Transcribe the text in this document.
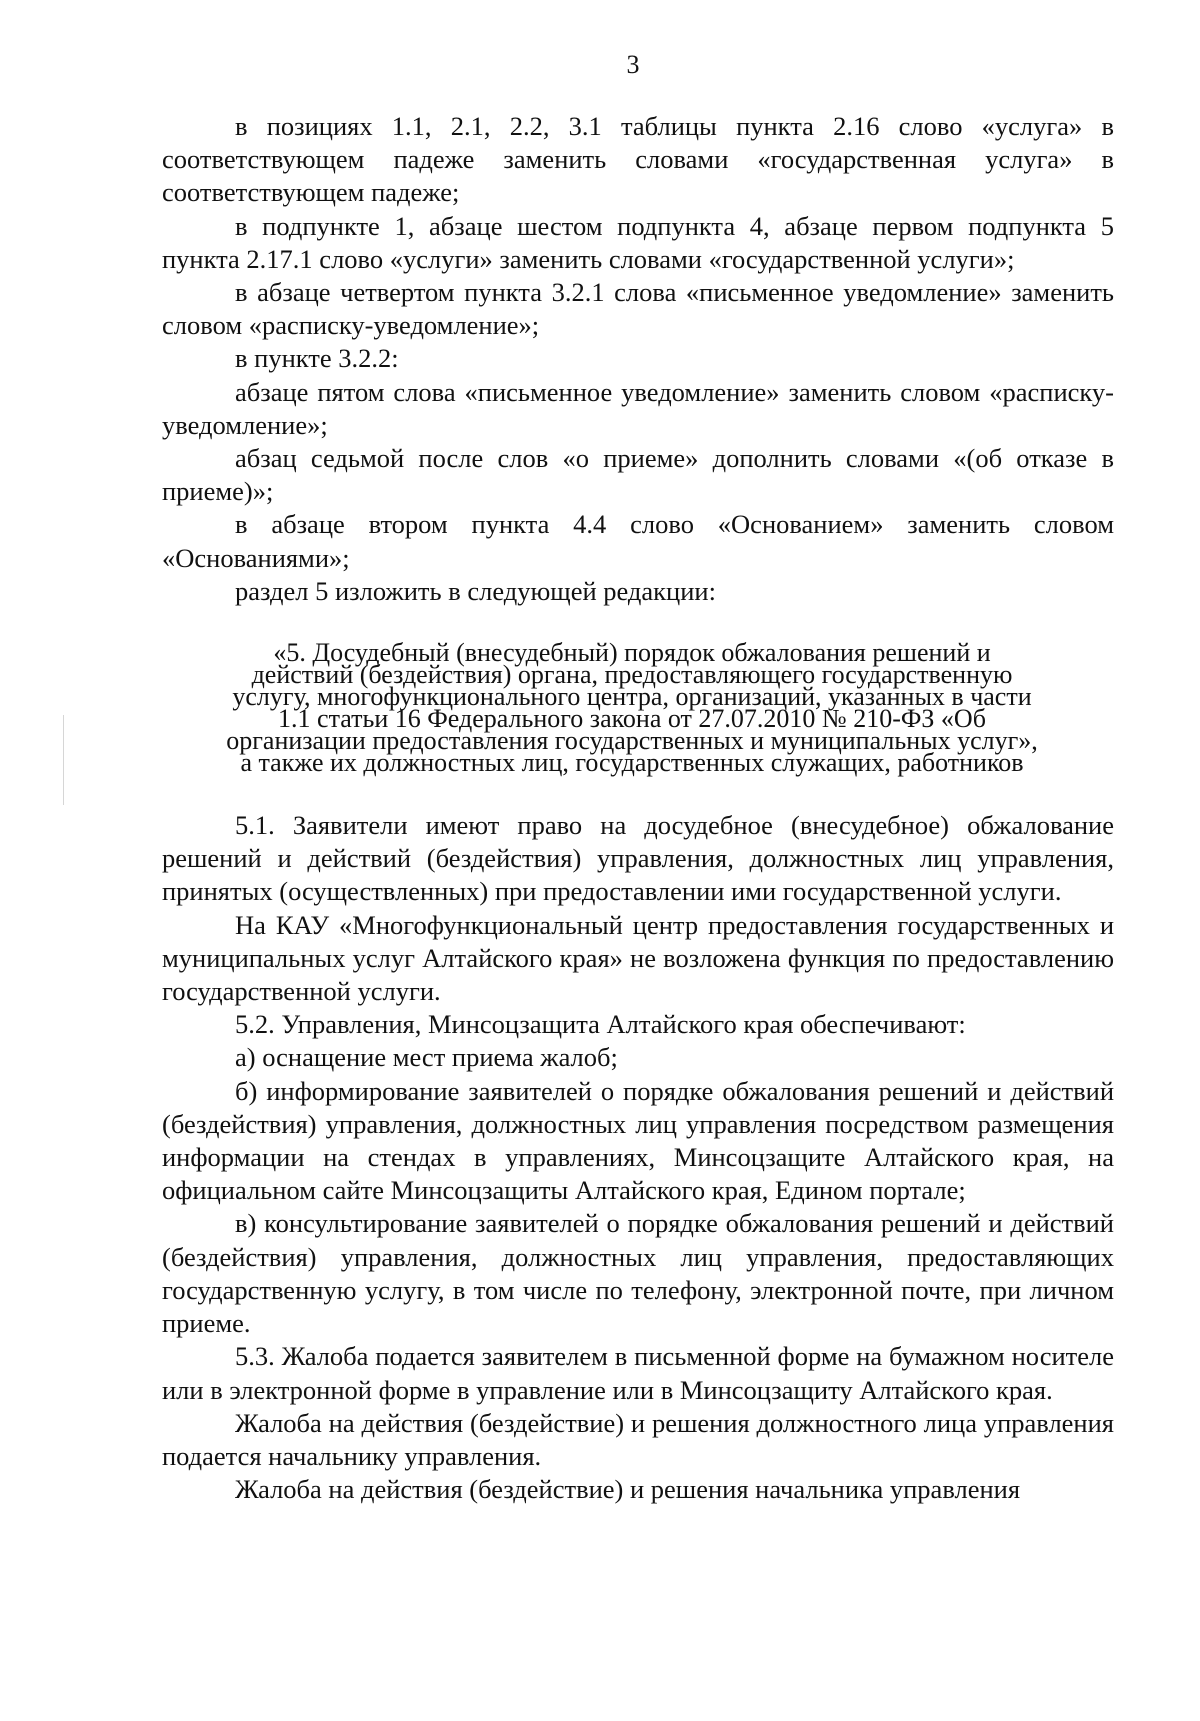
3

в позициях 1.1, 2.1, 2.2, 3.1 таблицы пункта 2.16 слово «услуга» в соответствующем падеже заменить словами «государственная услуга» в соответствующем падеже;

в подпункте 1, абзаце шестом подпункта 4, абзаце первом подпункта 5 пункта 2.17.1 слово «услуги» заменить словами «государственной услуги»;

в абзаце четвертом пункта 3.2.1 слова «письменное уведомление» заменить словом «расписку-уведомление»;

в пункте 3.2.2:

абзаце пятом слова «письменное уведомление» заменить словом «расписку-уведомление»;

абзац седьмой после слов «о приеме» дополнить словами «(об отказе в приеме)»;

в абзаце втором пункта 4.4 слово «Основанием» заменить словом «Основаниями»;

раздел 5 изложить в следующей редакции:

«5. Досудебный (внесудебный) порядок обжалования решений и действий (бездействия) органа, предоставляющего государственную услугу, многофункционального центра, организаций, указанных в части 1.1 статьи 16 Федерального закона от 27.07.2010 № 210-ФЗ «Об организации предоставления государственных и муниципальных услуг», а также их должностных лиц, государственных служащих, работников

5.1. Заявители имеют право на досудебное (внесудебное) обжалование решений и действий (бездействия) управления, должностных лиц управления, принятых (осуществленных) при предоставлении ими государственной услуги.

На КАУ «Многофункциональный центр предоставления государственных и муниципальных услуг Алтайского края» не возложена функция по предоставлению государственной услуги.

5.2. Управления, Минсоцзащита Алтайского края обеспечивают:

а) оснащение мест приема жалоб;

б) информирование заявителей о порядке обжалования решений и действий (бездействия) управления, должностных лиц управления посредством размещения информации на стендах в управлениях, Минсоцзащите Алтайского края, на официальном сайте Минсоцзащиты Алтайского края, Едином портале;

в) консультирование заявителей о порядке обжалования решений и действий (бездействия) управления, должностных лиц управления, предоставляющих государственную услугу, в том числе по телефону, электронной почте, при личном приеме.

5.3. Жалоба подается заявителем в письменной форме на бумажном носителе или в электронной форме в управление или в Минсоцзащиту Алтайского края.

Жалоба на действия (бездействие) и решения должностного лица управления подается начальнику управления.

Жалоба на действия (бездействие) и решения начальника управления
